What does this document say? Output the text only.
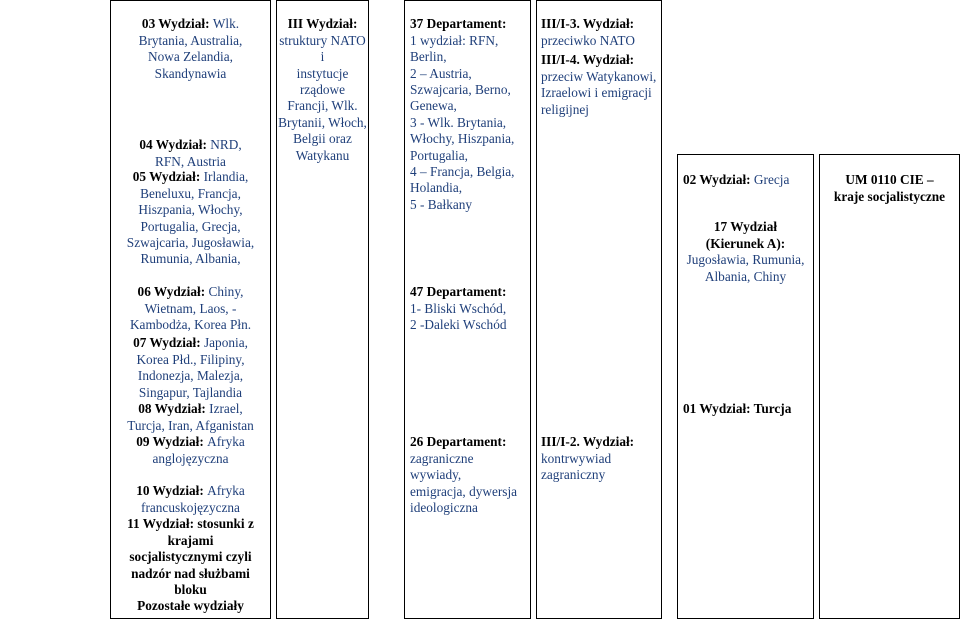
03 Wydział: Wlk.
Brytania, Australia,
Nowa Zelandia,
Skandynawia

04 Wydział: NRD,
RFN, Austria

05 Wydział: Irlandia,
Beneluxu, Francja,
Hiszpania, Włochy,
Portugalia, Grecja,
Szwajcaria, Jugosławia,
Rumunia, Albania,

06 Wydział: Chiny,
Wietnam, Laos, -
Kambodża, Korea Płn.

07 Wydział: Japonia,
Korea Płd., Filipiny,
Indonezja, Malezja,
Singapur, Tajlandia

08 Wydział: Izrael,
Turcja, Iran, Afganistan

09 Wydział: Afryka
anglojęzyczna

10 Wydział: Afryka
francuskojęzyczna

11 Wydział: stosunki z
krajami
socjalistycznymi czyli
nadzór nad służbami
bloku

Pozostałe wydziały

III Wydział:
struktury NATO i
instytucje rządowe
Francji, Wlk.
Brytanii, Włoch,
Belgii oraz
Watykanu

37 Departament:
1 wydział: RFN,
Berlin,
2 – Austria,
Szwajcaria, Berno,
Genewa,
3 - Wlk. Brytania,
Włochy, Hiszpania,
Portugalia,
4 – Francja, Belgia,
Holandia,
5 - Bałkany

47 Departament:
1- Bliski Wschód,
2 -Daleki Wschód

26 Departament:
zagraniczne
wywiady,
emigracja, dywersja
ideologiczna

III/I-3. Wydział:
przeciwko NATO

III/I-4. Wydział:
przeciw Watykanowi,
Izraelowi i emigracji
religijnej

III/I-2. Wydział:
kontrwywiad
zagraniczny

02 Wydział: Grecja

17 Wydział
(Kierunek A):
Jugosławia, Rumunia,
Albania, Chiny

01 Wydział: Turcja

UM 0110 CIE –
kraje socjalistyczne
